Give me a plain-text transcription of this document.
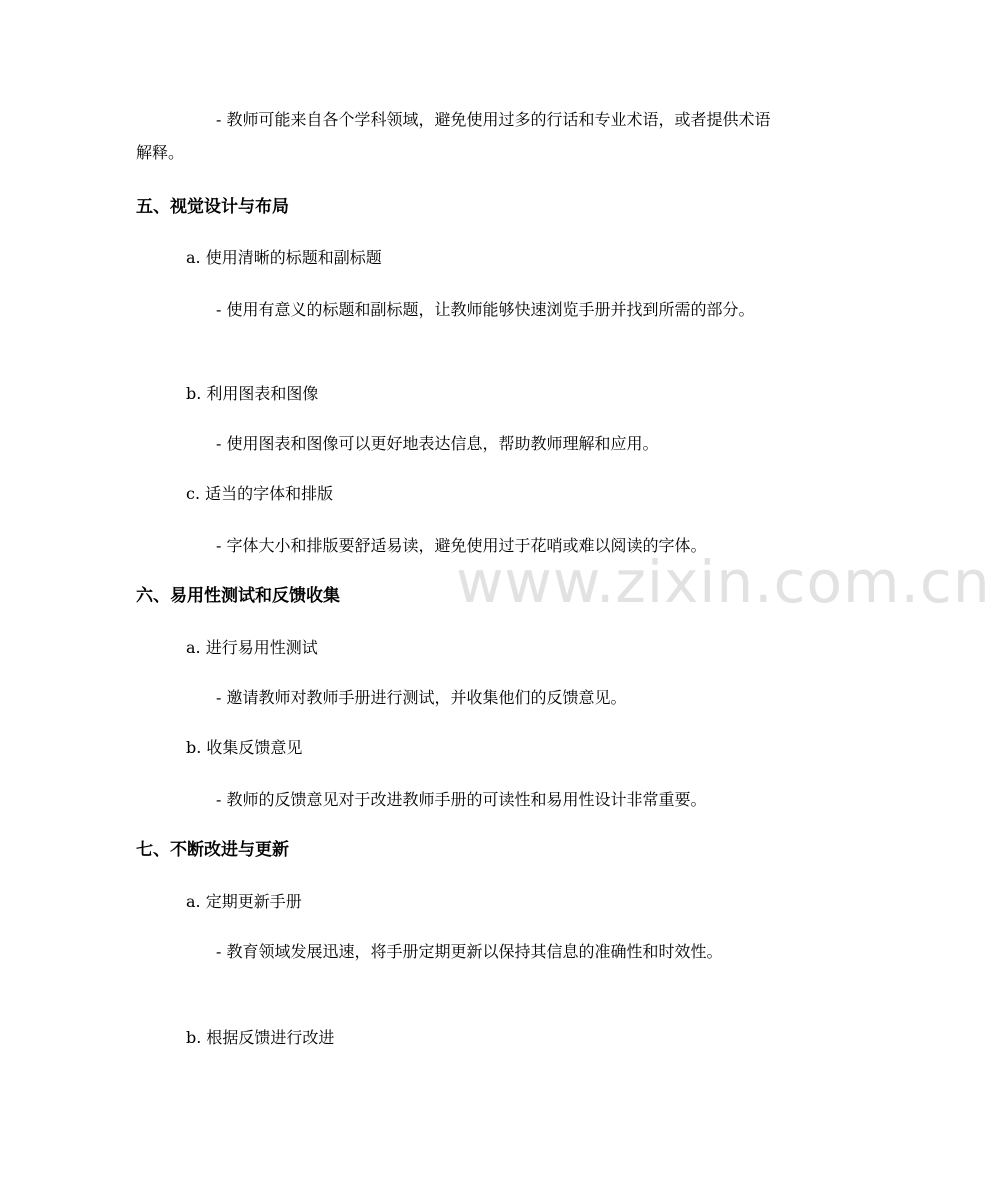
www.zixin.com.cn

- 教师可能来自各个学科领域，避免使用过多的行话和专业术语，或者提供术语解释。

五、视觉设计与布局

a. 使用清晰的标题和副标题

- 使用有意义的标题和副标题，让教师能够快速浏览手册并找到所需的部分。

b. 利用图表和图像

- 使用图表和图像可以更好地表达信息，帮助教师理解和应用。

c. 适当的字体和排版

- 字体大小和排版要舒适易读，避免使用过于花哨或难以阅读的字体。

六、易用性测试和反馈收集

a. 进行易用性测试

- 邀请教师对教师手册进行测试，并收集他们的反馈意见。

b. 收集反馈意见

- 教师的反馈意见对于改进教师手册的可读性和易用性设计非常重要。

七、不断改进与更新

a. 定期更新手册

- 教育领域发展迅速，将手册定期更新以保持其信息的准确性和时效性。

b. 根据反馈进行改进
